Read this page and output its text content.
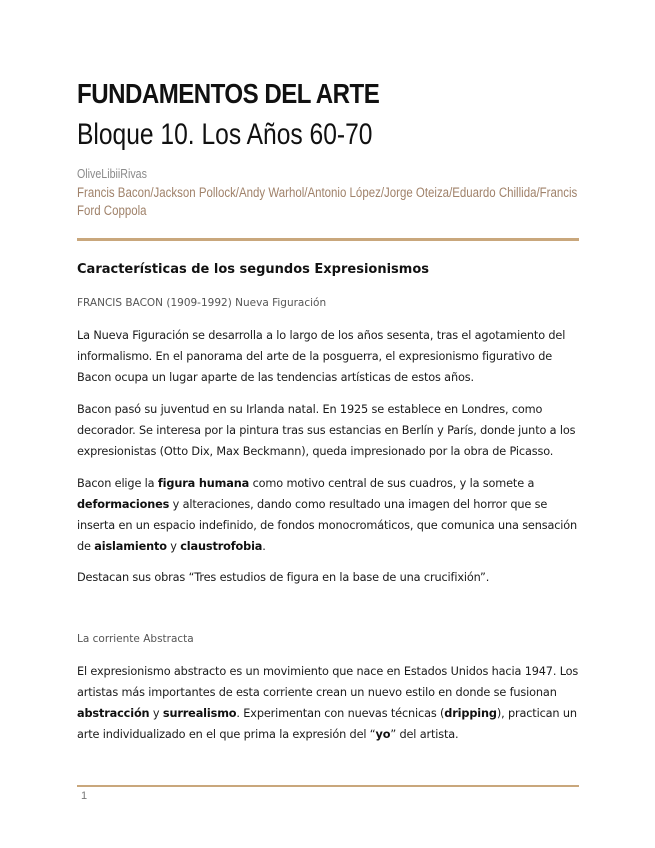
FUNDAMENTOS DEL ARTE
Bloque 10. Los Años 60-70
OliveLibiiRivas
Francis Bacon/Jackson Pollock/Andy Warhol/Antonio López/Jorge Oteiza/Eduardo Chillida/Francis Ford Coppola
Características de los segundos Expresionismos
FRANCIS BACON (1909-1992) Nueva Figuración

La Nueva Figuración se desarrolla a lo largo de los años sesenta, tras el agotamiento del informalismo. En el panorama del arte de la posguerra, el expresionismo figurativo de Bacon ocupa un lugar aparte de las tendencias artísticas de estos años.

Bacon pasó su juventud en su Irlanda natal. En 1925 se establece en Londres, como decorador. Se interesa por la pintura tras sus estancias en Berlín y París, donde junto a los expresionistas (Otto Dix, Max Beckmann), queda impresionado por la obra de Picasso.

Bacon elige la figura humana como motivo central de sus cuadros, y la somete a deformaciones y alteraciones, dando como resultado una imagen del horror que se inserta en un espacio indefinido, de fondos monocromáticos, que comunica una sensación de aislamiento y claustrofobia.

Destacan sus obras “Tres estudios de figura en la base de una crucifixión”.

La corriente Abstracta

El expresionismo abstracto es un movimiento que nace en Estados Unidos hacia 1947. Los artistas más importantes de esta corriente crean un nuevo estilo en donde se fusionan abstracción y surrealismo. Experimentan con nuevas técnicas (dripping), practican un arte individualizado en el que prima la expresión del “yo” del artista.

1
